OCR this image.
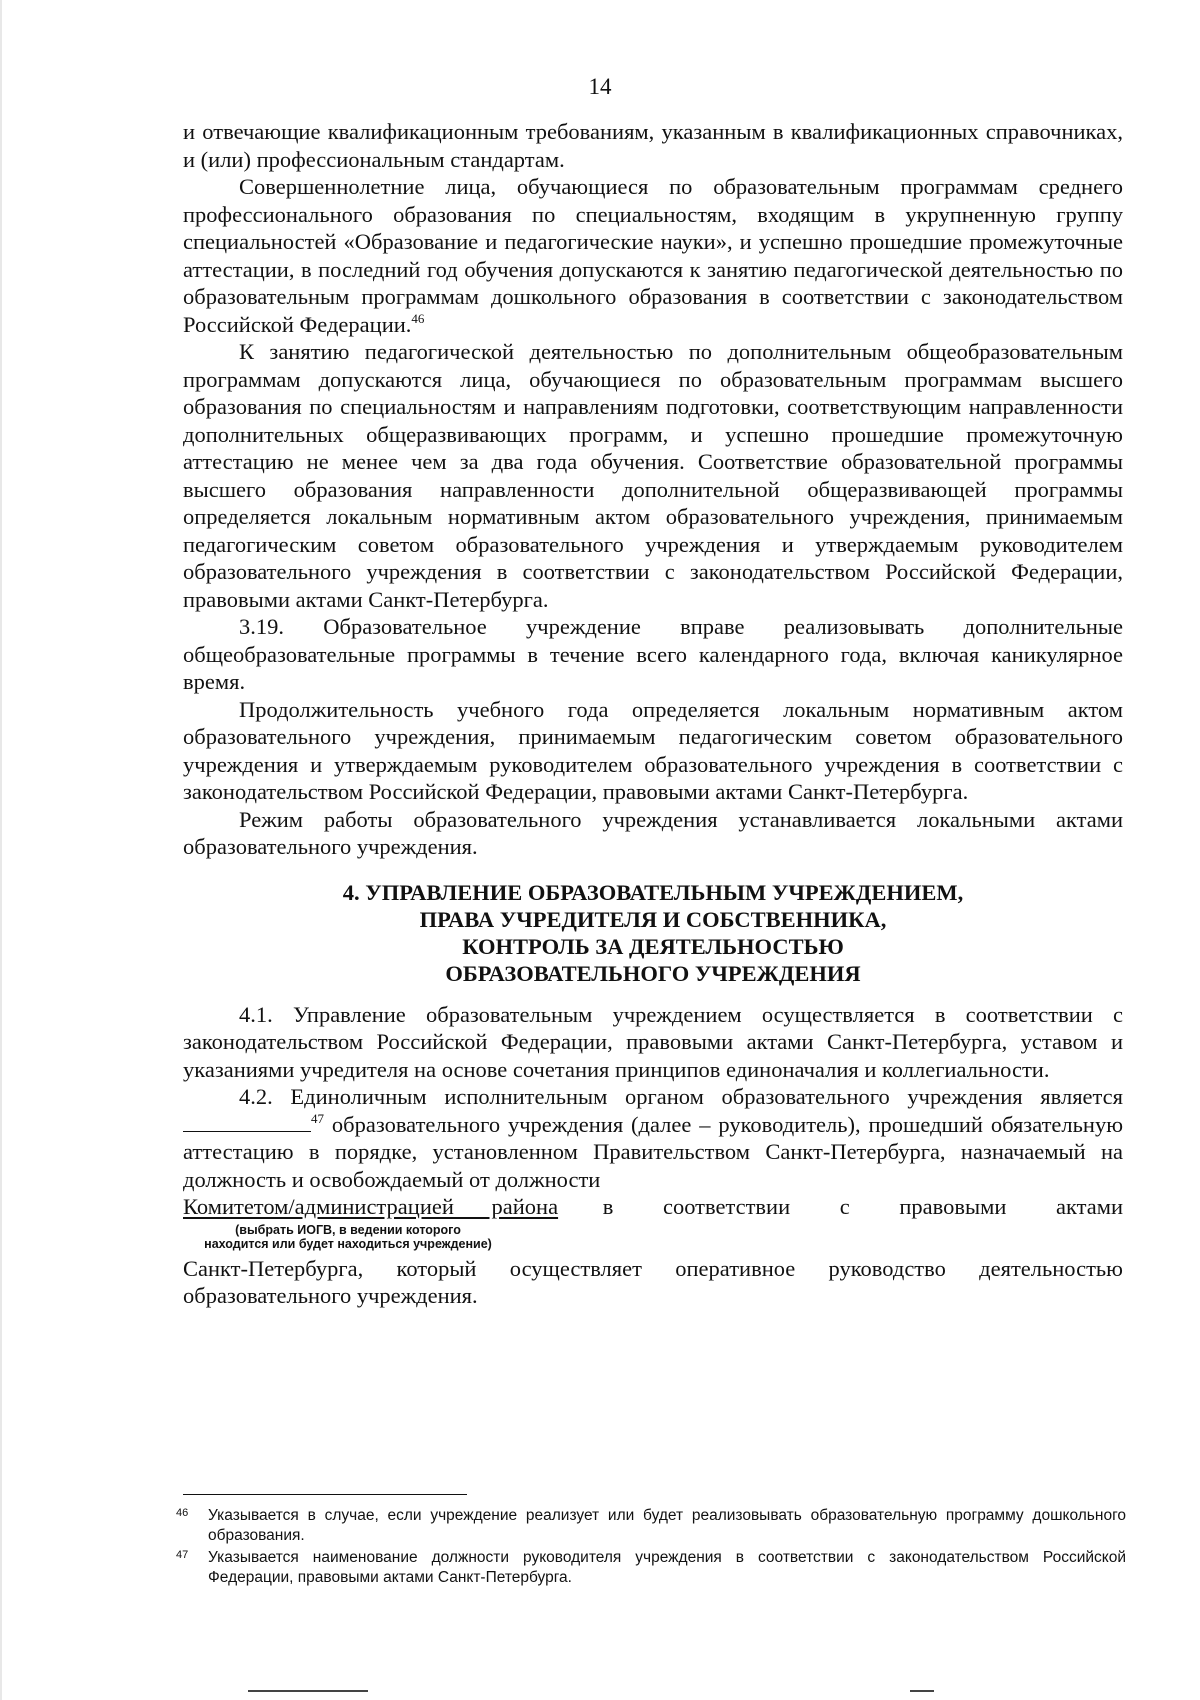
14

и отвечающие квалификационным требованиям, указанным в квалификационных справочниках, и (или) профессиональным стандартам.

Совершеннолетние лица, обучающиеся по образовательным программам среднего профессионального образования по специальностям, входящим в укрупненную группу специальностей «Образование и педагогические науки», и успешно прошедшие промежуточные аттестации, в последний год обучения допускаются к занятию педагогической деятельностью по образовательным программам дошкольного образования в соответствии с законодательством Российской Федерации.$^{46}$

К занятию педагогической деятельностью по дополнительным общеобразовательным программам допускаются лица, обучающиеся по образовательным программам высшего образования по специальностям и направлениям подготовки, соответствующим направленности дополнительных общеразвивающих программ, и успешно прошедшие промежуточную аттестацию не менее чем за два года обучения. Соответствие образовательной программы высшего образования направленности дополнительной общеразвивающей программы определяется локальным нормативным актом образовательного учреждения, принимаемым педагогическим советом образовательного учреждения и утверждаемым руководителем образовательного учреждения в соответствии с законодательством Российской Федерации, правовыми актами Санкт-Петербурга.

3.19. Образовательное учреждение вправе реализовывать дополнительные общеобразовательные программы в течение всего календарного года, включая каникулярное время.

Продолжительность учебного года определяется локальным нормативным актом образовательного учреждения, принимаемым педагогическим советом образовательного учреждения и утверждаемым руководителем образовательного учреждения в соответствии с законодательством Российской Федерации, правовыми актами Санкт-Петербурга.

Режим работы образовательного учреждения устанавливается локальными актами образовательного учреждения.

4. УПРАВЛЕНИЕ ОБРАЗОВАТЕЛЬНЫМ УЧРЕЖДЕНИЕМ,
ПРАВА УЧРЕДИТЕЛЯ И СОБСТВЕННИКА,
КОНТРОЛЬ ЗА ДЕЯТЕЛЬНОСТЬЮ
ОБРАЗОВАТЕЛЬНОГО УЧРЕЖДЕНИЯ

4.1. Управление образовательным учреждением осуществляется в соответствии с законодательством Российской Федерации, правовыми актами Санкт-Петербурга, уставом и указаниями учредителя на основе сочетания принципов единоначалия и коллегиальности.

4.2. Единоличным исполнительным органом образовательного учреждения является $^{47}$ образовательного учреждения (далее – руководитель), прошедший обязательную аттестацию в порядке, установленном Правительством Санкт-Петербурга, назначаемый на должность и освобождаемый от должности

Комитетом/администрацией района
(выбрать ИОГВ, в ведении которого
находится или будет находиться учреждение)
в соответствии с правовыми актами

Санкт-Петербурга, который осуществляет оперативное руководство деятельностью образовательного учреждения.

46 Указывается в случае, если учреждение реализует или будет реализовывать образовательную программу дошкольного образования.
47 Указывается наименование должности руководителя учреждения в соответствии с законодательством Российской Федерации, правовыми актами Санкт-Петербурга.
